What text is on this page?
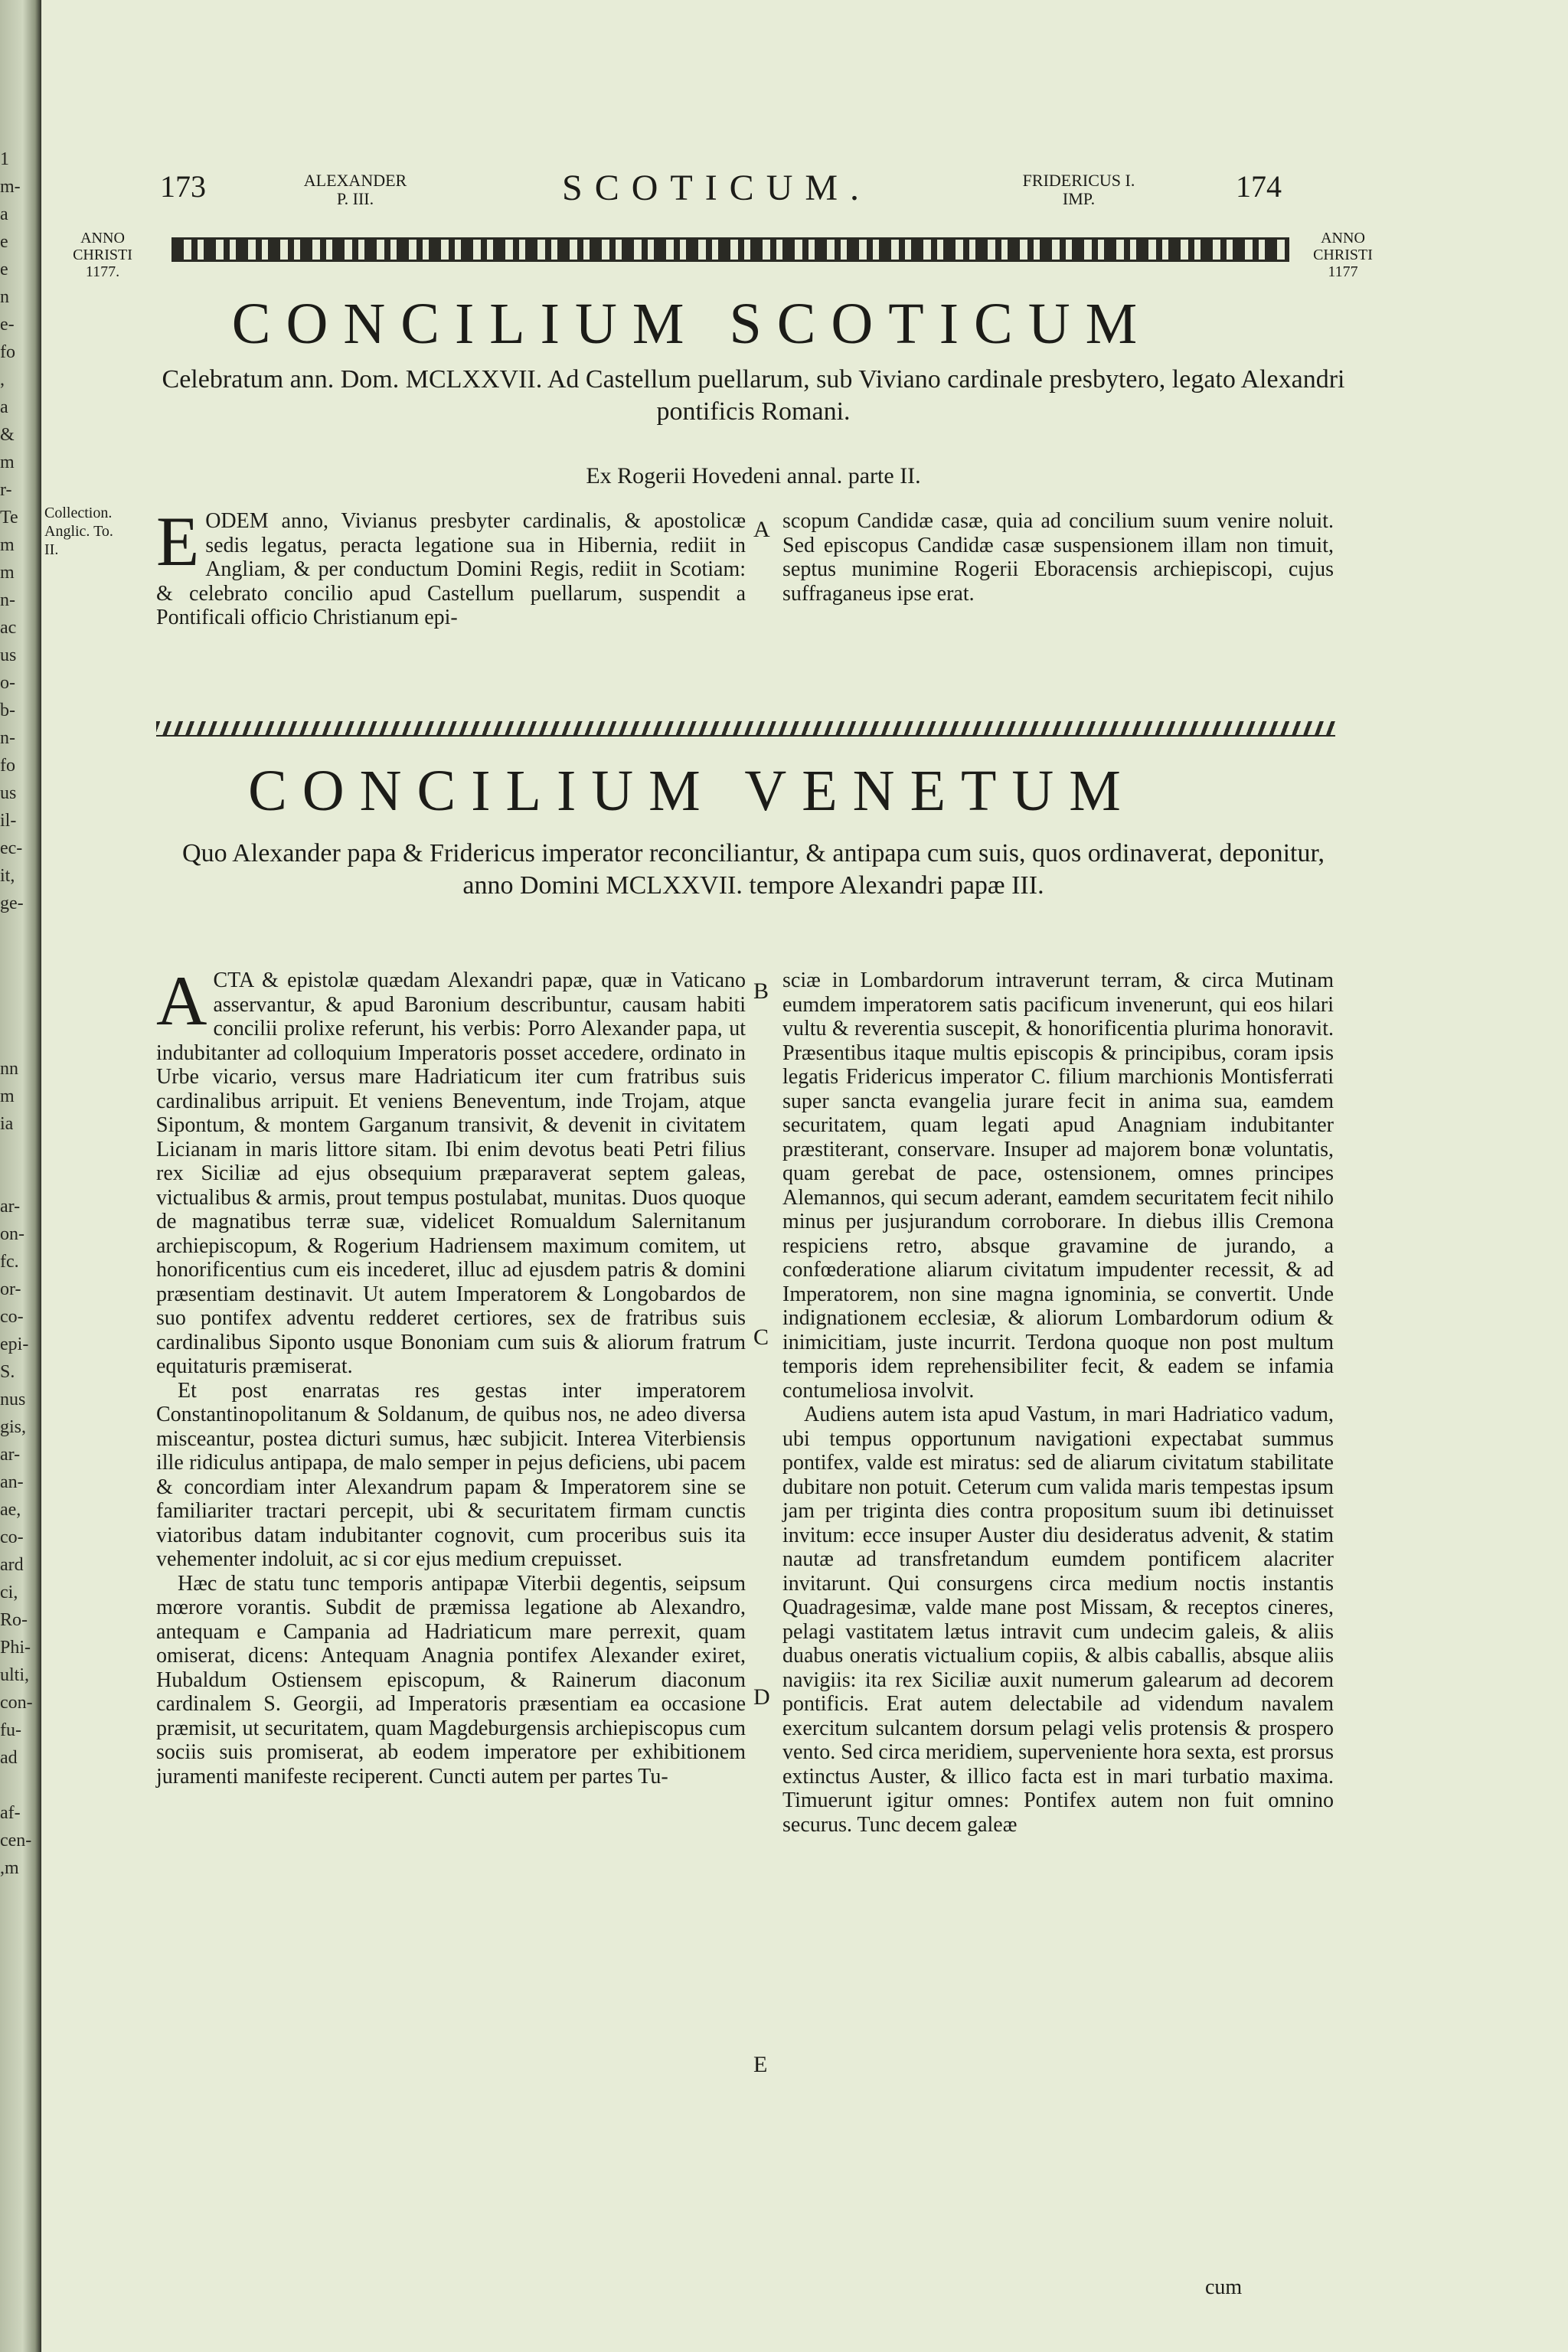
1
m-
a
e
e
n
e-
fo
,
a
&
m
r-
Te
m
m
n-
ac
us
o-
b-
n-
fo
us
il-
ec-
it,
ge-

nn
m
ia

ar-
on-
fc.
or-
co-
epi-
S.
nus
gis,
ar-
an-
ae,
co-
ard
ci,
Ro-
Phi-
ulti,
con-
fu-
ad

af-
cen-
,m
173	ALEXANDER
P. III.	SCOTICUM.	FRIDERICUS I.
IMP.	174
ANNO
CHRISTI
1177.
ANNO
CHRISTI
1177
CONCILIUM SCOTICUM
Celebratum ann. Dom. MCLXXVII. Ad Castellum puellarum, sub Viviano cardinale presbytero, legato Alexandri pontificis Romani.
Ex Rogerii Hovedeni annal. parte II.
Collection.
Anglic. To.
II.	EODEM anno, Vivianus presbyter cardinalis, & apostolicæ sedis legatus, peracta legatione sua in Hibernia, rediit in Angliam, & per conductum Domini Regis, rediit in Scotiam: & celebrato concilio apud Castellum puellarum, suspendit a Pontificali officio Christianum epi-

A scopum Candidæ casæ, quia ad concilium suum venire noluit. Sed episcopus Candidæ casæ suspensionem illam non timuit, septus munimine Rogerii Eboracensis archiepiscopi, cujus suffraganeus ipse erat.

CONCILIUM VENETUM
Quo Alexander papa & Fridericus imperator reconciliantur, & antipapa cum suis, quos ordinaverat, deponitur, anno Domini MCLXXVII. tempore Alexandri papæ III.

ACTA & epistolæ quædam Alexandri papæ, quæ in Vaticano asservantur, & apud Baronium describuntur, causam habiti concilii prolixe referunt, his verbis: Porro Alexander papa, ut indubitanter ad colloquium Imperatoris posset accedere, ordinato in Urbe vicario, versus mare Hadriaticum iter cum fratribus suis cardinalibus arripuit. Et veniens Beneventum, inde Trojam, atque Sipontum, & montem Garganum transivit, & devenit in civitatem Licianam in maris littore sitam. Ibi enim devotus beati Petri filius rex Siciliæ ad ejus obsequium præparaverat septem galeas, victualibus & armis, prout tempus postulabat, munitas. Duos quoque de magnatibus terræ suæ, videlicet Romualdum Salernitanum archiepiscopum, & Rogerium Hadriensem maximum comitem, ut honorificentius cum eis incederet, illuc ad ejusdem patris & domini præsentiam destinavit. Ut autem Imperatorem & Longobardos de suo pontifex adventu redderet certiores, sex de fratribus suis cardinalibus Siponto usque Bononiam cum suis & aliorum fratrum equitaturis præmiserat.

Et post enarratas res gestas inter imperatorem Constantinopolitanum & Soldanum, de quibus nos, ne adeo diversa misceantur, postea dicturi sumus, hæc subjicit. Interea Viterbiensis ille ridiculus antipapa, de malo semper in pejus deficiens, ubi pacem & concordiam inter Alexandrum papam & Imperatorem sine se familiariter tractari percepit, ubi & securitatem firmam cunctis viatoribus datam indubitanter cognovit, cum proceribus suis ita vehementer indoluit, ac si cor ejus medium crepuisset.

Hæc de statu tunc temporis antipapæ Viterbii degentis, seipsum mœrore vorantis. Subdit de præmissa legatione ab Alexandro, antequam e Campania ad Hadriaticum mare perrexit, quam omiserat, dicens: Antequam Anagnia pontifex Alexander exiret, Hubaldum Ostiensem episcopum, & Rainerum diaconum cardinalem S. Georgii, ad Imperatoris præsentiam ea occasione præmisit, ut securitatem, quam Magdeburgensis archiepiscopus cum sociis suis promiserat, ab eodem imperatore per exhibitionem juramenti manifeste reciperent. Cuncti autem per partes Tu-

B
C
D
E

sciæ in Lombardorum intraverunt terram, & circa Mutinam eumdem imperatorem satis pacificum invenerunt, qui eos hilari vultu & reverentia suscepit, & honorificentia plurima honoravit. Præsentibus itaque multis episcopis & principibus, coram ipsis legatis Fridericus imperator C. filium marchionis Montisferrati super sancta evangelia jurare fecit in anima sua, eamdem securitatem, quam legati apud Anagniam indubitanter præstiterant, conservare. Insuper ad majorem bonæ voluntatis, quam gerebat de pace, ostensionem, omnes principes Alemannos, qui secum aderant, eamdem securitatem fecit nihilo minus per jusjurandum corroborare. In diebus illis Cremona respiciens retro, absque gravamine de jurando, a confœderatione aliarum civitatum impudenter recessit, & ad Imperatorem, non sine magna ignominia, se convertit. Unde indignationem ecclesiæ, & aliorum Lombardorum odium & inimicitiam, juste incurrit. Terdona quoque non post multum temporis idem reprehensibiliter fecit, & eadem se infamia contumeliosa involvit.

Audiens autem ista apud Vastum, in mari Hadriatico vadum, ubi tempus opportunum navigationi expectabat summus pontifex, valde est miratus: sed de aliarum civitatum stabilitate dubitare non potuit. Ceterum cum valida maris tempestas ipsum jam per triginta dies contra propositum suum ibi detinuisset invitum: ecce insuper Auster diu desideratus advenit, & statim nautæ ad transfretandum eumdem pontificem alacriter invitarunt. Qui consurgens circa medium noctis instantis Quadragesimæ, valde mane post Missam, & receptos cineres, pelagi vastitatem lætus intravit cum undecim galeis, & aliis duabus oneratis victualium copiis, & albis caballis, absque aliis navigiis: ita rex Siciliæ auxit numerum galearum ad decorem pontificis. Erat autem delectabile ad videndum navalem exercitum sulcantem dorsum pelagi velis protensis & prospero vento. Sed circa meridiem, superveniente hora sexta, est prorsus extinctus Auster, & illico facta est in mari turbatio maxima. Timuerunt igitur omnes: Pontifex autem non fuit omnino securus. Tunc decem galeæ

cum
